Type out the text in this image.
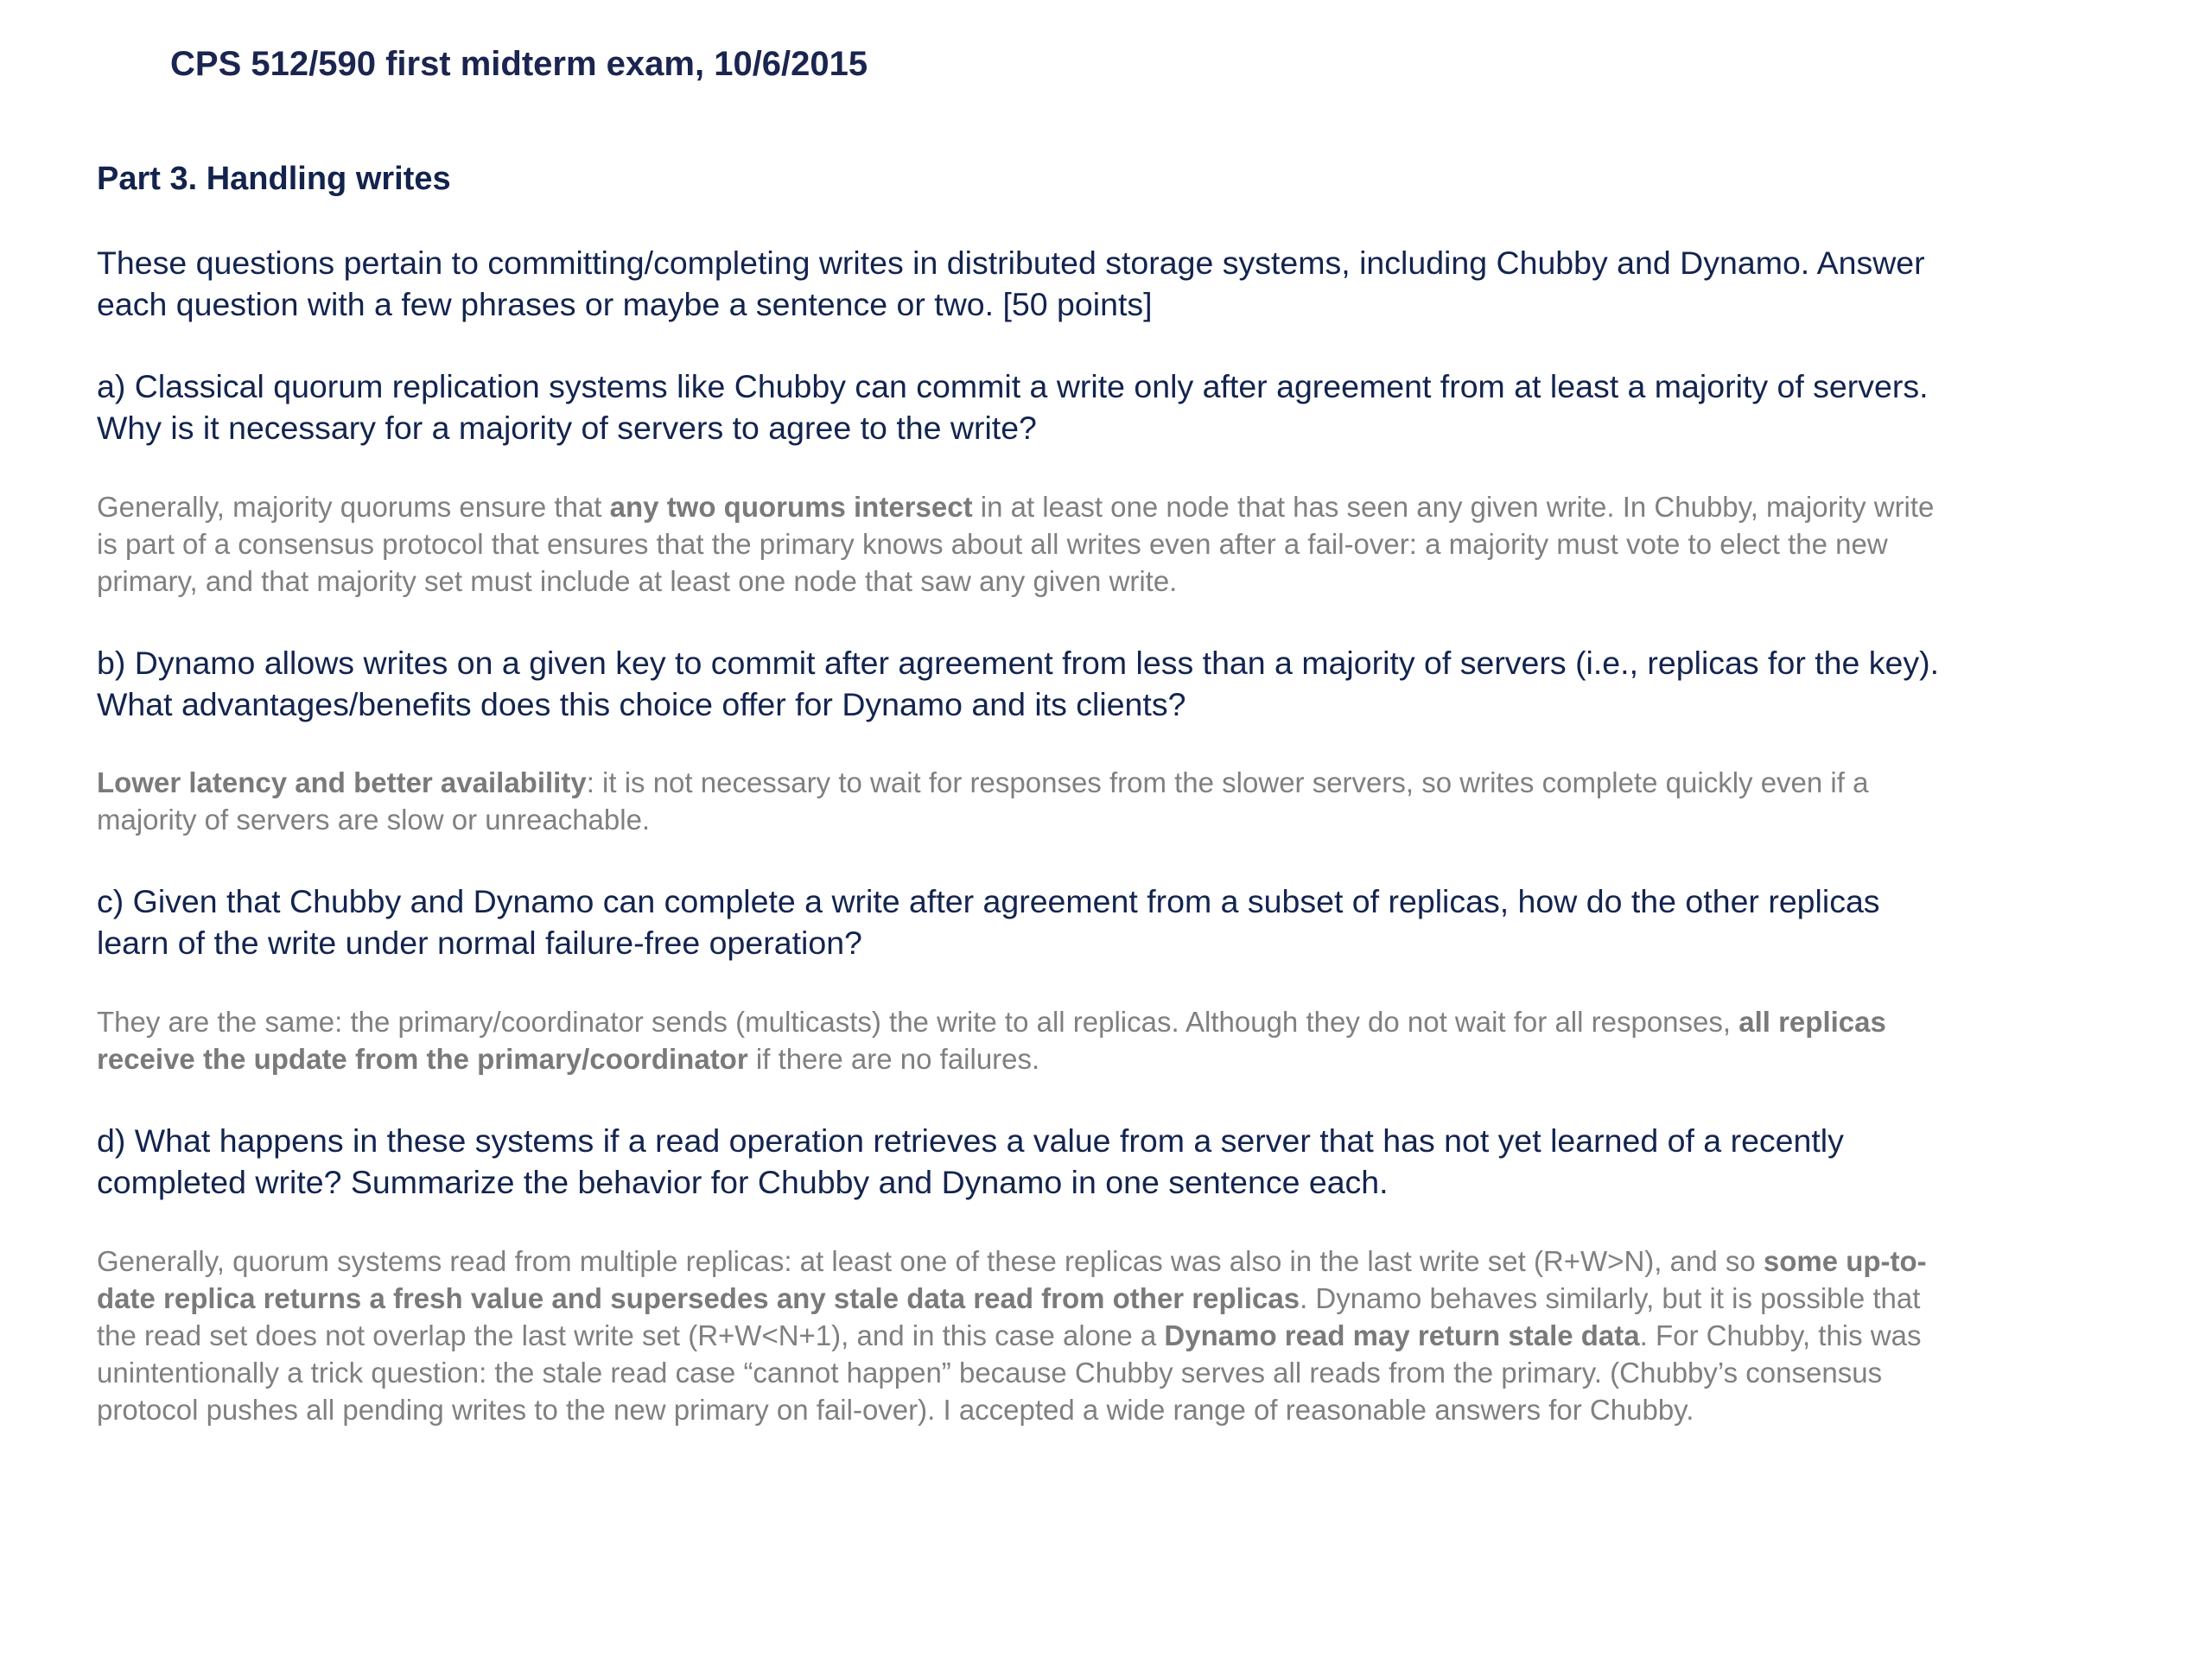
CPS 512/590 first midterm exam, 10/6/2015
Part 3. Handling writes

These questions pertain to committing/completing writes in distributed storage systems, including Chubby and Dynamo. Answer each question with a few phrases or maybe a sentence or two. [50 points]

a) Classical quorum replication systems like Chubby can commit a write only after agreement from at least a majority of servers. Why is it necessary for a majority of servers to agree to the write?

Generally, majority quorums ensure that any two quorums intersect in at least one node that has seen any given write. In Chubby, majority write is part of a consensus protocol that ensures that the primary knows about all writes even after a fail-over: a majority must vote to elect the new primary, and that majority set must include at least one node that saw any given write.

b) Dynamo allows writes on a given key to commit after agreement from less than a majority of servers (i.e., replicas for the key). What advantages/benefits does this choice offer for Dynamo and its clients?

Lower latency and better availability: it is not necessary to wait for responses from the slower servers, so writes complete quickly even if a majority of servers are slow or unreachable.

c) Given that Chubby and Dynamo can complete a write after agreement from a subset of replicas, how do the other replicas learn of the write under normal failure-free operation?

They are the same: the primary/coordinator sends (multicasts) the write to all replicas. Although they do not wait for all responses, all replicas receive the update from the primary/coordinator if there are no failures.

d) What happens in these systems if a read operation retrieves a value from a server that has not yet learned of a recently completed write? Summarize the behavior for Chubby and Dynamo in one sentence each.

Generally, quorum systems read from multiple replicas: at least one of these replicas was also in the last write set (R+W>N), and so some up-to-date replica returns a fresh value and supersedes any stale data read from other replicas. Dynamo behaves similarly, but it is possible that the read set does not overlap the last write set (R+W<N+1), and in this case alone a Dynamo read may return stale data. For Chubby, this was unintentionally a trick question: the stale read case “cannot happen” because Chubby serves all reads from the primary. (Chubby’s consensus protocol pushes all pending writes to the new primary on fail-over). I accepted a wide range of reasonable answers for Chubby.
